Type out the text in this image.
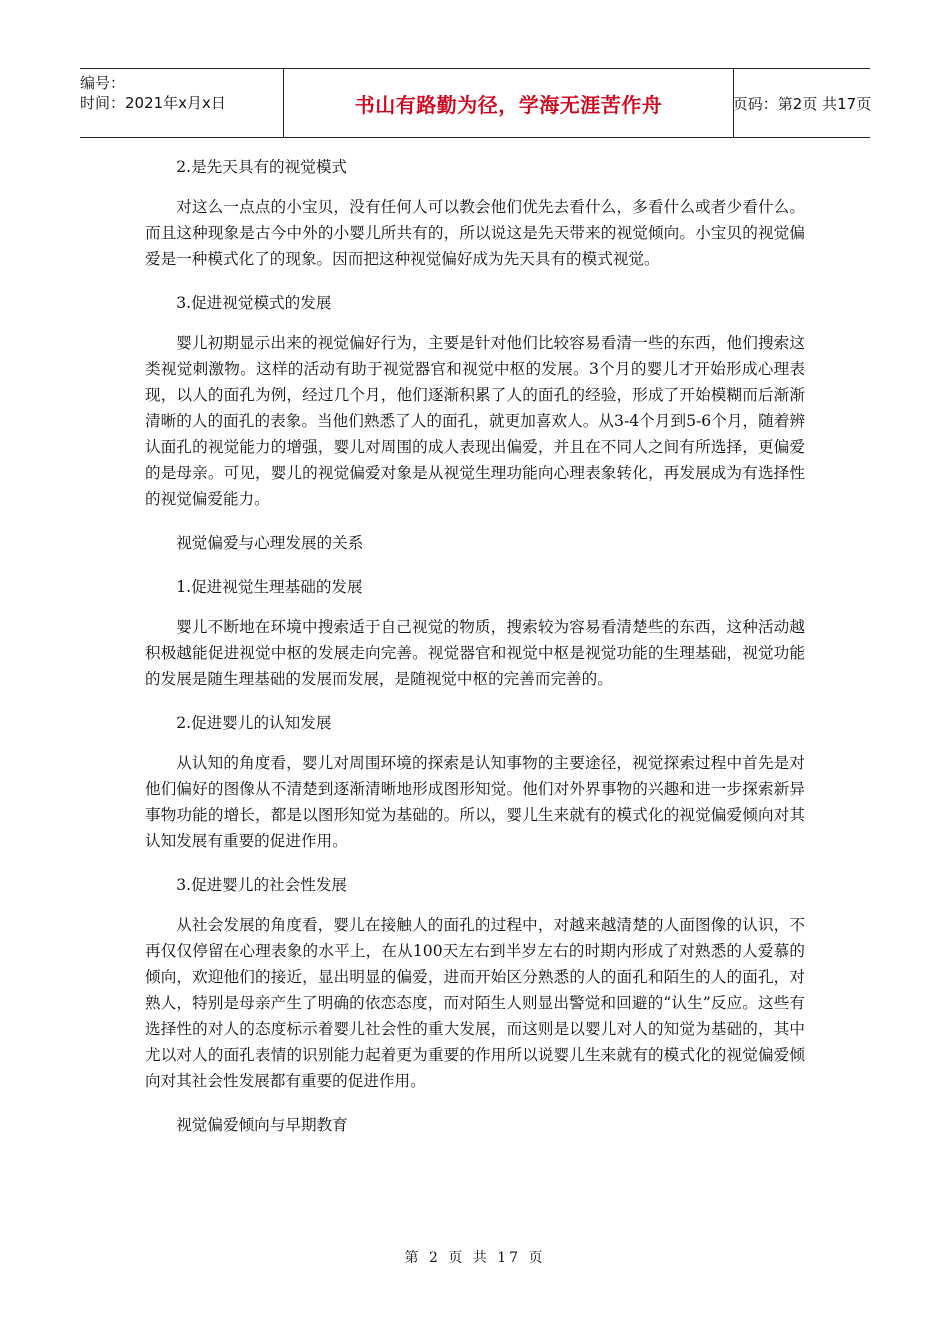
编号：
时间：2021年x月x日	书山有路勤为径，学海无涯苦作舟	页码：第2页 共17页

2.是先天具有的视觉模式

对这么一点点的小宝贝，没有任何人可以教会他们优先去看什么，多看什么或者少看什么。而且这种现象是古今中外的小婴儿所共有的，所以说这是先天带来的视觉倾向。小宝贝的视觉偏爱是一种模式化了的现象。因而把这种视觉偏好成为先天具有的模式视觉。

3.促进视觉模式的发展

婴儿初期显示出来的视觉偏好行为，主要是针对他们比较容易看清一些的东西，他们搜索这类视觉刺激物。这样的活动有助于视觉器官和视觉中枢的发展。3个月的婴儿才开始形成心理表现，以人的面孔为例，经过几个月，他们逐渐积累了人的面孔的经验，形成了开始模糊而后渐渐清晰的人的面孔的表象。当他们熟悉了人的面孔，就更加喜欢人。从3-4个月到5-6个月，随着辨认面孔的视觉能力的增强，婴儿对周围的成人表现出偏爱，并且在不同人之间有所选择，更偏爱的是母亲。可见，婴儿的视觉偏爱对象是从视觉生理功能向心理表象转化，再发展成为有选择性的视觉偏爱能力。

视觉偏爱与心理发展的关系

1.促进视觉生理基础的发展

婴儿不断地在环境中搜索适于自己视觉的物质，搜索较为容易看清楚些的东西，这种活动越积极越能促进视觉中枢的发展走向完善。视觉器官和视觉中枢是视觉功能的生理基础，视觉功能的发展是随生理基础的发展而发展，是随视觉中枢的完善而完善的。

2.促进婴儿的认知发展

从认知的角度看，婴儿对周围环境的探索是认知事物的主要途径，视觉探索过程中首先是对他们偏好的图像从不清楚到逐渐清晰地形成图形知觉。他们对外界事物的兴趣和进一步探索新异事物功能的增长，都是以图形知觉为基础的。所以，婴儿生来就有的模式化的视觉偏爱倾向对其认知发展有重要的促进作用。

3.促进婴儿的社会性发展

从社会发展的角度看，婴儿在接触人的面孔的过程中，对越来越清楚的人面图像的认识，不再仅仅停留在心理表象的水平上，在从100天左右到半岁左右的时期内形成了对熟悉的人爱慕的倾向，欢迎他们的接近，显出明显的偏爱，进而开始区分熟悉的人的面孔和陌生的人的面孔，对熟人，特别是母亲产生了明确的依恋态度，而对陌生人则显出警觉和回避的“认生”反应。这些有选择性的对人的态度标示着婴儿社会性的重大发展，而这则是以婴儿对人的知觉为基础的，其中尤以对人的面孔表情的识别能力起着更为重要的作用所以说婴儿生来就有的模式化的视觉偏爱倾向对其社会性发展都有重要的促进作用。

视觉偏爱倾向与早期教育

第 2 页 共 17 页
